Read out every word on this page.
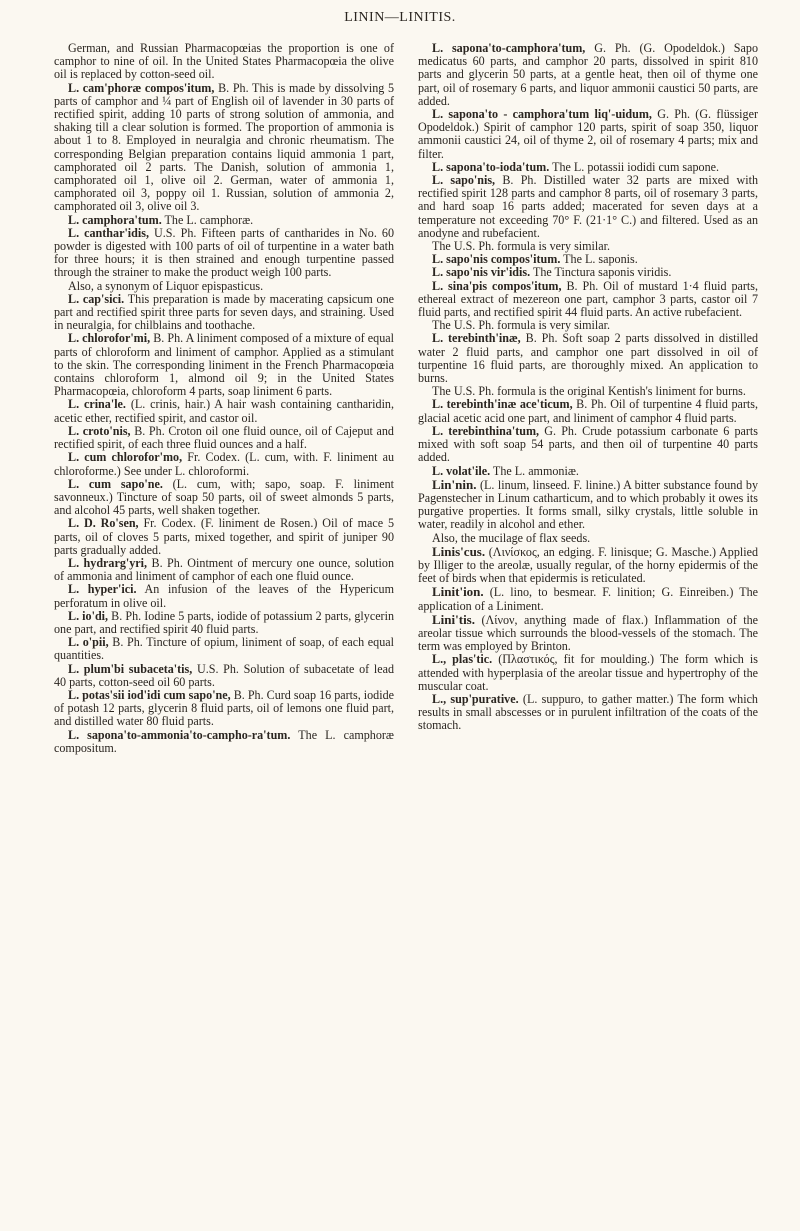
LININ—LINITIS.

German, and Russian Pharmacopœias the proportion is one of camphor to nine of oil. In the United States Pharmacopœia the olive oil is replaced by cotton-seed oil.

L. cam'phoræ compos'itum, B. Ph. This is made by dissolving 5 parts of camphor and ¼ part of English oil of lavender in 30 parts of rectified spirit, adding 10 parts of strong solution of ammonia, and shaking till a clear solution is formed. The proportion of ammonia is about 1 to 8. Employed in neuralgia and chronic rheumatism. The corresponding Belgian preparation contains liquid ammonia 1 part, camphorated oil 2 parts. The Danish, solution of ammonia 1, camphorated oil 1, olive oil 2. German, water of ammonia 1, camphorated oil 3, poppy oil 1. Russian, solution of ammonia 2, camphorated oil 3, olive oil 3.

L. camphora'tum. The L. camphoræ.

L. canthar'idis, U.S. Ph. Fifteen parts of cantharides in No. 60 powder is digested with 100 parts of oil of turpentine in a water bath for three hours; it is then strained and enough turpentine passed through the strainer to make the product weigh 100 parts.

Also, a synonym of Liquor epispasticus.

L. cap'sici. This preparation is made by macerating capsicum one part and rectified spirit three parts for seven days, and straining. Used in neuralgia, for chilblains and toothache.

L. chlorofor'mi, B. Ph. A liniment composed of a mixture of equal parts of chloroform and liniment of camphor. Applied as a stimulant to the skin. The corresponding liniment in the French Pharmacopœia contains chloroform 1, almond oil 9; in the United States Pharmacopœia, chloroform 4 parts, soap liniment 6 parts.

L. crina'le. (L. crinis, hair.) A hair wash containing cantharidin, acetic ether, rectified spirit, and castor oil.

L. croto'nis, B. Ph. Croton oil one fluid ounce, oil of Cajeput and rectified spirit, of each three fluid ounces and a half.

L. cum chlorofor'mo, Fr. Codex. (L. cum, with. F. liniment au chloroforme.) See under L. chloroformi.

L. cum sapo'ne. (L. cum, with; sapo, soap. F. liniment savonneux.) Tincture of soap 50 parts, oil of sweet almonds 5 parts, and alcohol 45 parts, well shaken together.

L. D. Ro'sen, Fr. Codex. (F. liniment de Rosen.) Oil of mace 5 parts, oil of cloves 5 parts, mixed together, and spirit of juniper 90 parts gradually added.

L. hydrarg'yri, B. Ph. Ointment of mercury one ounce, solution of ammonia and liniment of camphor of each one fluid ounce.

L. hyper'ici. An infusion of the leaves of the Hypericum perforatum in olive oil.

L. io'di, B. Ph. Iodine 5 parts, iodide of potassium 2 parts, glycerin one part, and rectified spirit 40 fluid parts.

L. o'pii, B. Ph. Tincture of opium, liniment of soap, of each equal quantities.

L. plum'bi subaceta'tis, U.S. Ph. Solution of subacetate of lead 40 parts, cotton-seed oil 60 parts.

L. potas'sii iod'idi cum sapo'ne, B. Ph. Curd soap 16 parts, iodide of potash 12 parts, glycerin 8 fluid parts, oil of lemons one fluid part, and distilled water 80 fluid parts.

L. sapona'to-ammonia'to-campho-ra'tum. The L. camphoræ compositum.

L. sapona'to-camphora'tum, G. Ph. (G. Opodeldok.) Sapo medicatus 60 parts, and camphor 20 parts, dissolved in spirit 810 parts and glycerin 50 parts, at a gentle heat, then oil of thyme one part, oil of rosemary 6 parts, and liquor ammonii caustici 50 parts, are added.

L. sapona'to - camphora'tum liq'-uidum, G. Ph. (G. flüssiger Opodeldok.) Spirit of camphor 120 parts, spirit of soap 350, liquor ammonii caustici 24, oil of thyme 2, oil of rosemary 4 parts; mix and filter.

L. sapona'to-ioda'tum. The L. potassii iodidi cum sapone.

L. sapo'nis, B. Ph. Distilled water 32 parts are mixed with rectified spirit 128 parts and camphor 8 parts, oil of rosemary 3 parts, and hard soap 16 parts added; macerated for seven days at a temperature not exceeding 70° F. (21·1° C.) and filtered. Used as an anodyne and rubefacient.

The U.S. Ph. formula is very similar.

L. sapo'nis compos'itum. The L. saponis.

L. sapo'nis vir'idis. The Tinctura saponis viridis.

L. sina'pis compos'itum, B. Ph. Oil of mustard 1·4 fluid parts, ethereal extract of mezereon one part, camphor 3 parts, castor oil 7 fluid parts, and rectified spirit 44 fluid parts. An active rubefacient.

The U.S. Ph. formula is very similar.

L. terebinth'inæ, B. Ph. Soft soap 2 parts dissolved in distilled water 2 fluid parts, and camphor one part dissolved in oil of turpentine 16 fluid parts, are thoroughly mixed. An application to burns.

The U.S. Ph. formula is the original Kentish's liniment for burns.

L. terebinth'inæ ace'ticum, B. Ph. Oil of turpentine 4 fluid parts, glacial acetic acid one part, and liniment of camphor 4 fluid parts.

L. terebinthina'tum, G. Ph. Crude potassium carbonate 6 parts mixed with soft soap 54 parts, and then oil of turpentine 40 parts added.

L. volat'ile. The L. ammoniæ.

Lin'nin. (L. linum, linseed. F. linine.) A bitter substance found by Pagenstecher in Linum catharticum, and to which probably it owes its purgative properties. It forms small, silky crystals, little soluble in water, readily in alcohol and ether.

Also, the mucilage of flax seeds.

Linis'cus. (Λινίσκος, an edging. F. linisque; G. Masche.) Applied by Illiger to the areolæ, usually regular, of the horny epidermis of the feet of birds when that epidermis is reticulated.

Linit'ion. (L. lino, to besmear. F. linition; G. Einreiben.) The application of a Liniment.

Lini'tis. (Λίνον, anything made of flax.) Inflammation of the areolar tissue which surrounds the blood-vessels of the stomach. The term was employed by Brinton.

L., plas'tic. (Πλαστικός, fit for moulding.) The form which is attended with hyperplasia of the areolar tissue and hypertrophy of the muscular coat.

L., sup'purative. (L. suppuro, to gather matter.) The form which results in small abscesses or in purulent infiltration of the coats of the stomach.
